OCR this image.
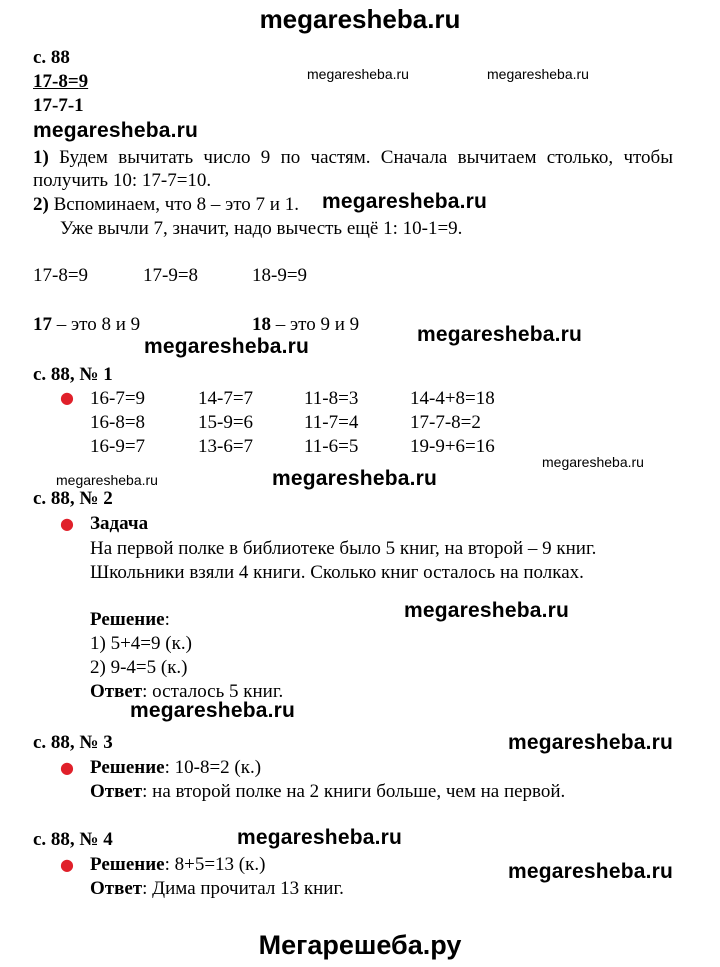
megaresheba.ru
с. 88
17-8=9
17-7-1
megaresheba.ru	megaresheba.ru
megaresheba.ru
1) Будем вычитать число 9 по частям. Сначала вычитаем столько, чтобы получить 10: 17-7=10.
2) Вспоминаем, что 8 – это 7 и 1. megaresheba.ru
Уже вычли 7, значит, надо вычесть ещё 1: 10-1=9.
17-8=9	17-9=8	18-9=9
17 – это 8 и 9	18 – это 9 и 9	megaresheba.ru
megaresheba.ru
с. 88, № 1
● 16-7=9	14-7=7	11-8=3	14-4+8=18
16-8=8	15-9=6	11-7=4	17-7-8=2
16-9=7	13-6=7	11-6=5	19-9+6=16
megaresheba.ru
megaresheba.ru	megaresheba.ru
с. 88, № 2
● Задача
На первой полке в библиотеке было 5 книг, на второй – 9 книг.
Школьники взяли 4 книги. Сколько книг осталось на полках.
Решение:	megaresheba.ru
1) 5+4=9 (к.)
2) 9-4=5 (к.)
Ответ: осталось 5 книг.
megaresheba.ru
с. 88, № 3	megaresheba.ru
● Решение: 10-8=2 (к.)
Ответ: на второй полке на 2 книги больше, чем на первой.
с. 88, № 4	megaresheba.ru
● Решение: 8+5=13 (к.)	megaresheba.ru
Ответ: Дима прочитал 13 книг.
Мегарешеба.ру
